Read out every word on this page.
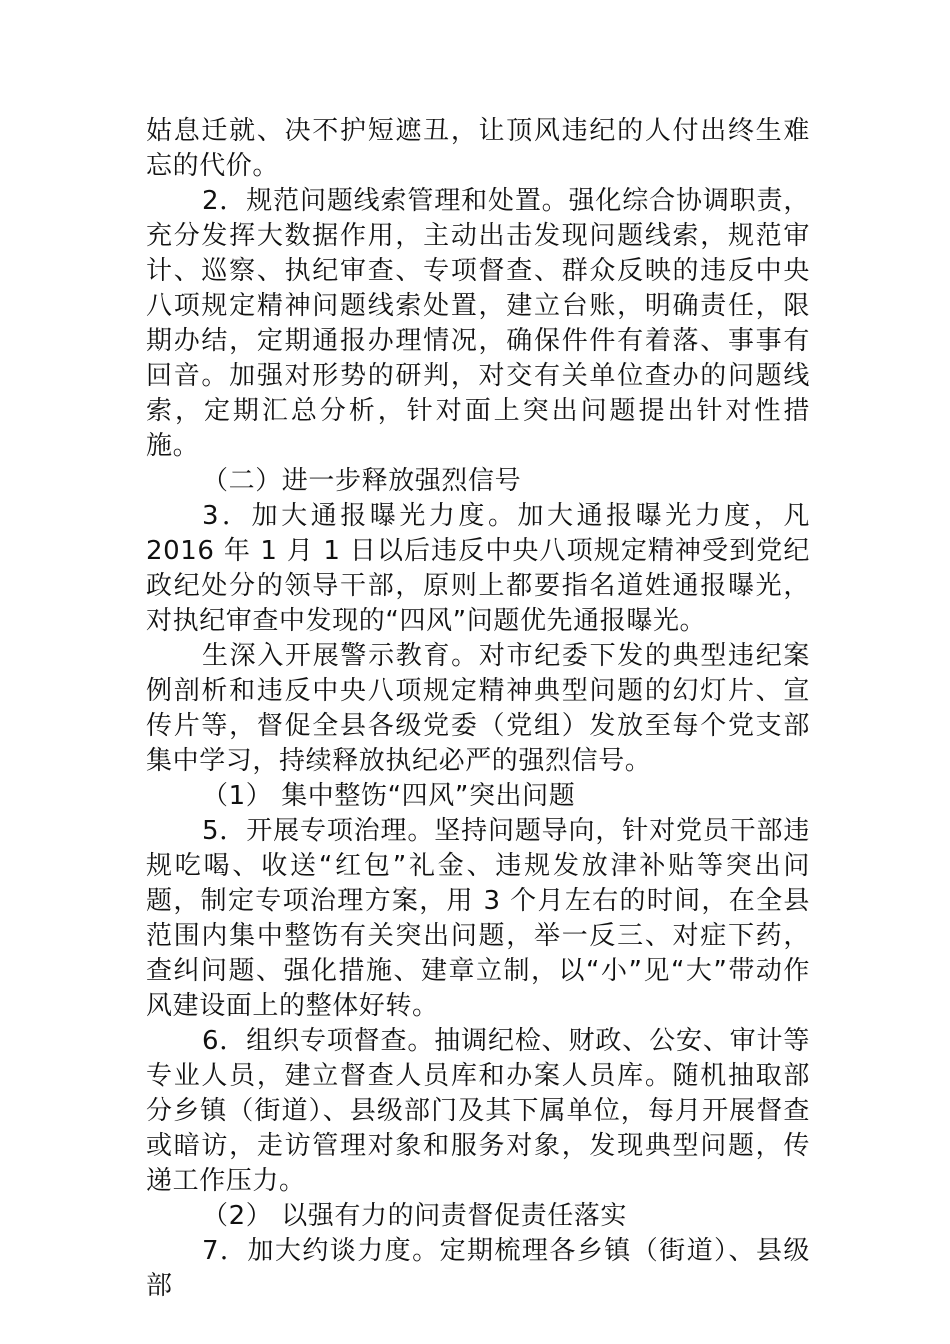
姑息迁就、决不护短遮丑，让顶风违纪的人付出终生难忘的代价。

2．规范问题线索管理和处置。强化综合协调职责，充分发挥大数据作用，主动出击发现问题线索，规范审计、巡察、执纪审查、专项督查、群众反映的违反中央八项规定精神问题线索处置，建立台账，明确责任，限期办结，定期通报办理情况，确保件件有着落、事事有回音。加强对形势的研判，对交有关单位查办的问题线索，定期汇总分析，针对面上突出问题提出针对性措施。

（二）进一步释放强烈信号

3．加大通报曝光力度。加大通报曝光力度，凡 2016 年 1 月 1 日以后违反中央八项规定精神受到党纪政纪处分的领导干部，原则上都要指名道姓通报曝光，对执纪审查中发现的“四风”问题优先通报曝光。

生深入开展警示教育。对市纪委下发的典型违纪案例剖析和违反中央八项规定精神典型问题的幻灯片、宣传片等，督促全县各级党委（党组）发放至每个党支部集中学习，持续释放执纪必严的强烈信号。

（1） 集中整饬“四风”突出问题

5．开展专项治理。坚持问题导向，针对党员干部违规吃喝、收送“红包”礼金、违规发放津补贴等突出问题，制定专项治理方案，用 3 个月左右的时间，在全县范围内集中整饬有关突出问题，举一反三、对症下药，查纠问题、强化措施、建章立制，以“小”见“大”带动作风建设面上的整体好转。

6．组织专项督查。抽调纪检、财政、公安、审计等专业人员，建立督查人员库和办案人员库。随机抽取部分乡镇（街道）、县级部门及其下属单位，每月开展督查或暗访，走访管理对象和服务对象，发现典型问题，传递工作压力。

（2） 以强有力的问责督促责任落实

7．加大约谈力度。定期梳理各乡镇（街道）、县级部
